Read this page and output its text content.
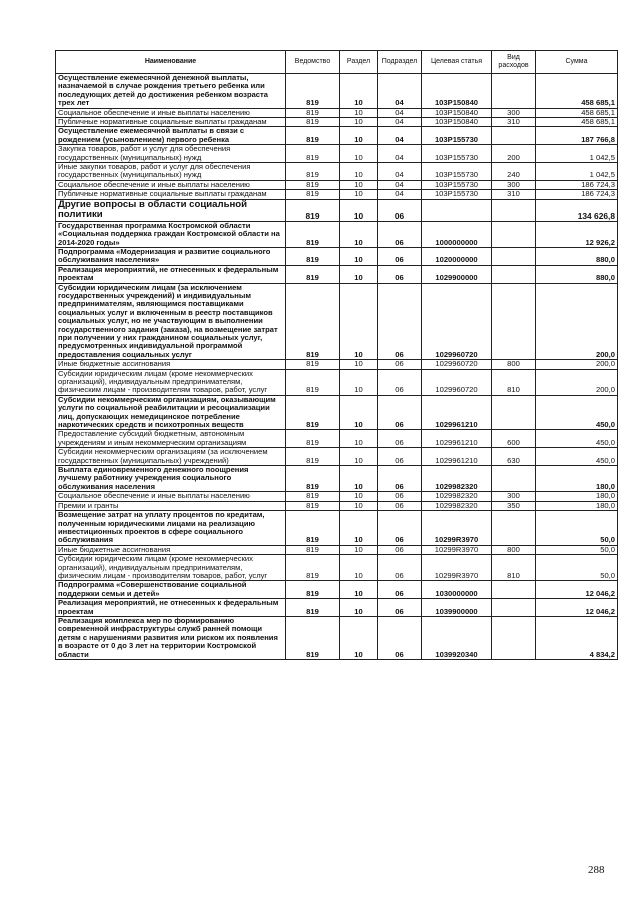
Наименование	Ведомство	Раздел	Подраздел	Целевая статья	Вид расходов	Сумма
Осуществление ежемесячной денежной выплаты, назначаемой в случае рождения третьего ребенка или последующих детей до достижения ребенком возраста трех лет	819	10	04	103P150840		458 685,1
Социальное обеспечение и иные выплаты населению	819	10	04	103P150840	300	458 685,1
Публичные нормативные социальные выплаты гражданам	819	10	04	103P150840	310	458 685,1
Осуществление ежемесячной выплаты в связи с рождением (усыновлением) первого ребенка	819	10	04	103P155730		187 766,8
Закупка товаров, работ и услуг для обеспечения государственных (муниципальных) нужд	819	10	04	103P155730	200	1 042,5
Иные закупки товаров, работ и услуг для обеспечения государственных (муниципальных) нужд	819	10	04	103P155730	240	1 042,5
Социальное обеспечение и иные выплаты населению	819	10	04	103P155730	300	186 724,3
Публичные нормативные социальные выплаты гражданам	819	10	04	103P155730	310	186 724,3
Другие вопросы в области социальной политики	819	10	06			134 626,8
Государственная программа Костромской области «Социальная поддержка граждан Костромской области на 2014-2020 годы»	819	10	06	1000000000		12 926,2
Подпрограмма «Модернизация и развитие социального обслуживания населения»	819	10	06	1020000000		880,0
Реализация мероприятий, не отнесенных к федеральным проектам	819	10	06	1029900000		880,0
Субсидии юридическим лицам (за исключением государственных учреждений) и индивидуальным предпринимателям, являющимся поставщиками социальных услуг и включенным в реестр поставщиков социальных услуг, но не участвующим в выполнении государственного задания (заказа), на возмещение затрат при получении у них гражданином социальных услуг, предусмотренных индивидуальной программой предоставления социальных услуг	819	10	06	1029960720		200,0
Иные бюджетные ассигнования	819	10	06	1029960720	800	200,0
Субсидии юридическим лицам (кроме некоммерческих организаций), индивидуальным предпринимателям, физическим лицам - производителям товаров, работ, услуг	819	10	06	1029960720	810	200,0
Субсидии некоммерческим организациям, оказывающим услуги по социальной реабилитации и ресоциализации лиц, допускающих немедицинское потребление наркотических средств и психотропных веществ	819	10	06	1029961210		450,0
Предоставление субсидий бюджетным, автономным учреждениям и иным некоммерческим организациям	819	10	06	1029961210	600	450,0
Субсидии некоммерческим организациям (за исключением государственных (муниципальных) учреждений)	819	10	06	1029961210	630	450,0
Выплата единовременного денежного поощрения лучшему работнику учреждения социального обслуживания населения	819	10	06	1029982320		180,0
Социальное обеспечение и иные выплаты населению	819	10	06	1029982320	300	180,0
Премии и гранты	819	10	06	1029982320	350	180,0
Возмещение затрат на уплату процентов по кредитам, полученным юридическими лицами на реализацию инвестиционных проектов в сфере социального обслуживания	819	10	06	10299R3970		50,0
Иные бюджетные ассигнования	819	10	06	10299R3970	800	50,0
Субсидии юридическим лицам (кроме некоммерческих организаций), индивидуальным предпринимателям, физическим лицам - производителям товаров, работ, услуг	819	10	06	10299R3970	810	50,0
Подпрограмма «Совершенствование социальной поддержки семьи и детей»	819	10	06	1030000000		12 046,2
Реализация мероприятий, не отнесенных к федеральным проектам	819	10	06	1039900000		12 046,2
Реализация комплекса мер по формированию современной инфраструктуры служб ранней помощи детям с нарушениями развития или риском их появления в возрасте от 0 до 3 лет на территории Костромской области	819	10	06	1039920340		4 834,2
288
